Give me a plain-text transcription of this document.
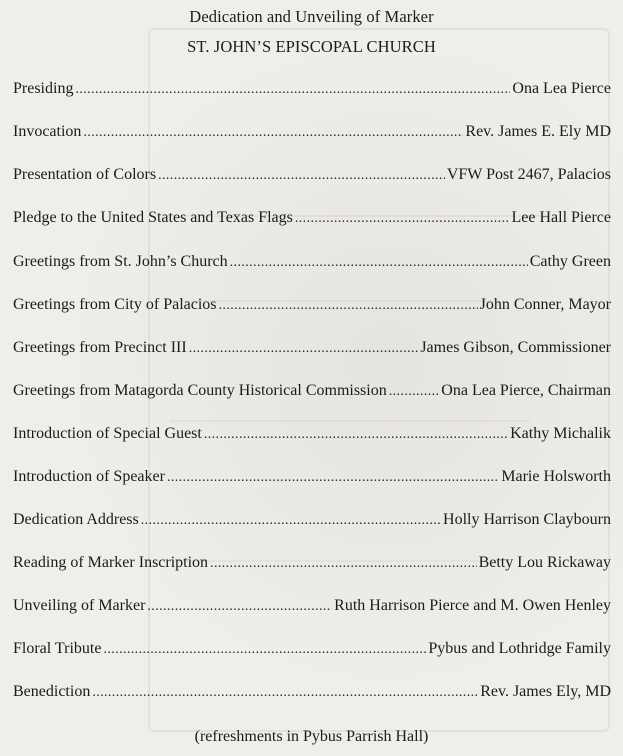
Dedication and Unveiling of Marker
ST. JOHN’S EPISCOPAL CHURCH
Presiding .....	Ona Lea Pierce
Invocation .....	Rev. James E. Ely MD
Presentation of Colors .....	VFW Post 2467, Palacios
Pledge to the United States and Texas Flags .....	Lee Hall Pierce
Greetings from St. John’s Church .....	Cathy Green
Greetings from City of Palacios .....	John Conner, Mayor
Greetings from Precinct III .....	James Gibson, Commissioner
Greetings from Matagorda County Historical Commission .....	Ona Lea Pierce, Chairman
Introduction of Special Guest .....	Kathy Michalik
Introduction of Speaker .....	Marie Holsworth
Dedication Address .....	Holly Harrison Claybourn
Reading of Marker Inscription .....	Betty Lou Rickaway
Unveiling of Marker .....	Ruth Harrison Pierce and M. Owen Henley
Floral Tribute .....	Pybus and Lothridge Family
Benediction .....	Rev. James Ely, MD
(refreshments in Pybus Parrish Hall)
